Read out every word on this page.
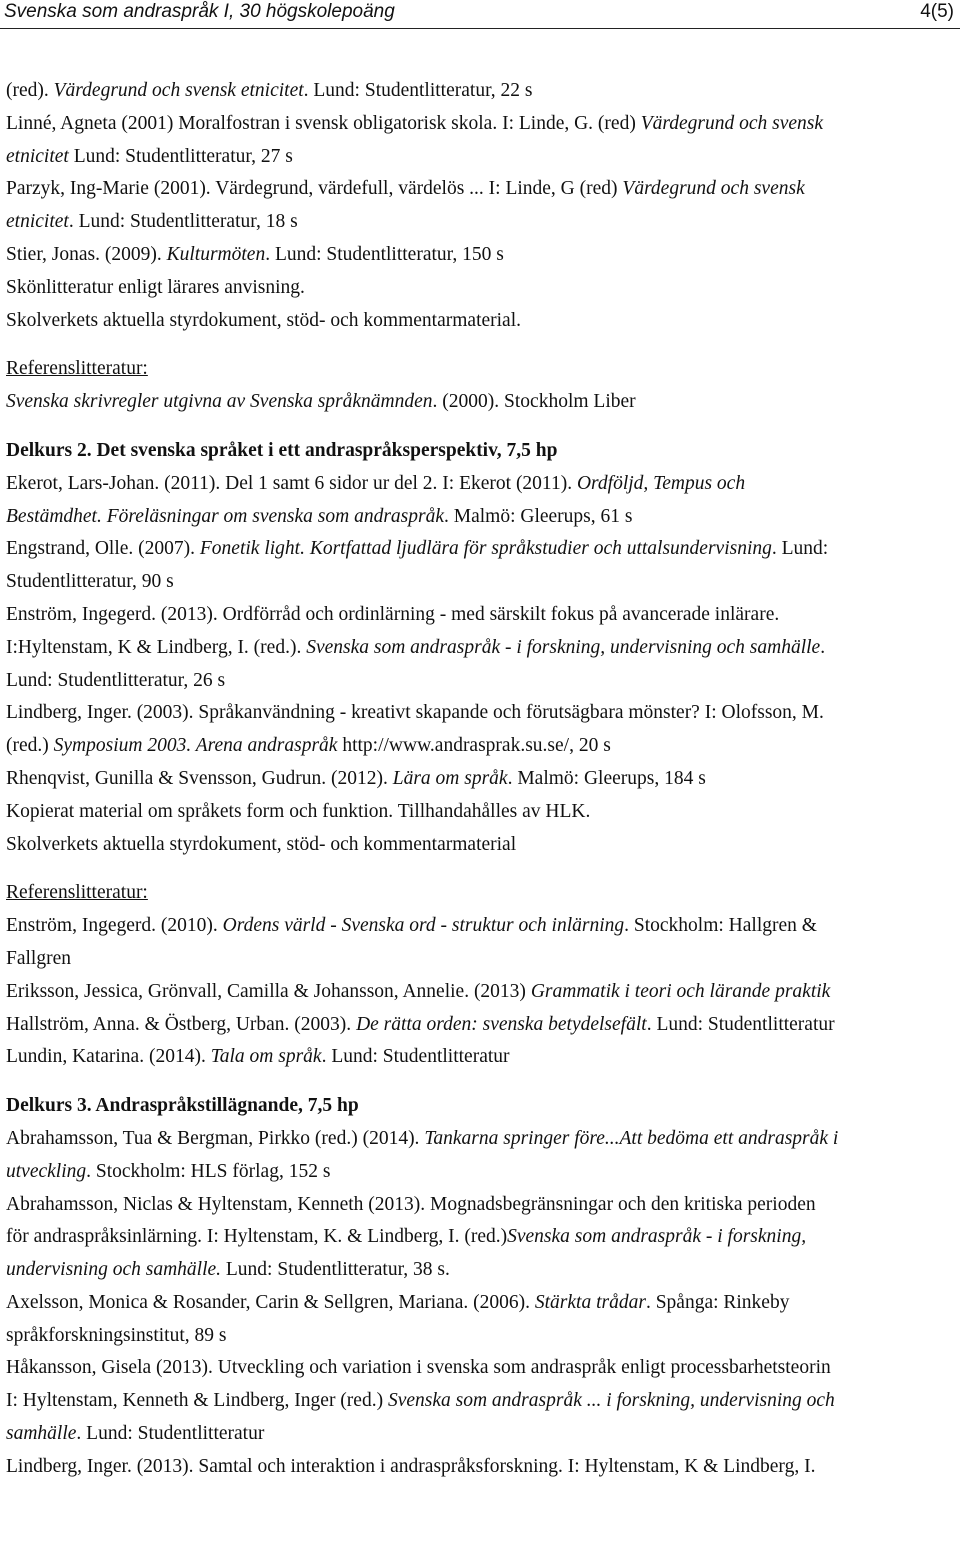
Svenska som andraspråk I, 30 högskolepoäng	4(5)
(red). Värdegrund och svensk etnicitet. Lund: Studentlitteratur, 22 s
Linné, Agneta (2001) Moralfostran i svensk obligatorisk skola. I: Linde, G. (red) Värdegrund och svensk
etnicitet Lund: Studentlitteratur, 27 s
Parzyk, Ing-Marie (2001). Värdegrund, värdefull, värdelös ... I: Linde, G (red) Värdegrund och svensk
etnicitet. Lund: Studentlitteratur, 18 s
Stier, Jonas. (2009). Kulturmöten. Lund: Studentlitteratur, 150 s
Skönlitteratur enligt lärares anvisning.
Skolverkets aktuella styrdokument, stöd- och kommentarmaterial.
Referenslitteratur:
Svenska skrivregler utgivna av Svenska språknämnden. (2000). Stockholm Liber
Delkurs 2. Det svenska språket i ett andraspråksperspektiv, 7,5 hp
Ekerot, Lars-Johan. (2011). Del 1 samt 6 sidor ur del 2. I: Ekerot (2011). Ordföljd, Tempus och
Bestämdhet. Föreläsningar om svenska som andraspråk. Malmö: Gleerups, 61 s
Engstrand, Olle. (2007). Fonetik light. Kortfattad ljudlära för språkstudier och uttalsundervisning. Lund:
Studentlitteratur, 90 s
Enström, Ingegerd. (2013). Ordförråd och ordinlärning - med särskilt fokus på avancerade inlärare.
I:Hyltenstam, K & Lindberg, I. (red.). Svenska som andraspråk - i forskning, undervisning och samhälle.
Lund: Studentlitteratur, 26 s
Lindberg, Inger. (2003). Språkanvändning - kreativt skapande och förutsägbara mönster? I: Olofsson, M.
(red.) Symposium 2003. Arena andraspråk http://www.andrasprak.su.se/, 20 s
Rhenqvist, Gunilla & Svensson, Gudrun. (2012). Lära om språk. Malmö: Gleerups, 184 s
Kopierat material om språkets form och funktion. Tillhandahålles av HLK.
Skolverkets aktuella styrdokument, stöd- och kommentarmaterial
Referenslitteratur:
Enström, Ingegerd. (2010). Ordens värld - Svenska ord - struktur och inlärning. Stockholm: Hallgren &
Fallgren
Eriksson, Jessica, Grönvall, Camilla & Johansson, Annelie. (2013) Grammatik i teori och lärande praktik
Hallström, Anna. & Östberg, Urban. (2003). De rätta orden: svenska betydelsefält. Lund: Studentlitteratur
Lundin, Katarina. (2014). Tala om språk. Lund: Studentlitteratur
Delkurs 3. Andraspråkstillägnande, 7,5 hp
Abrahamsson, Tua & Bergman, Pirkko (red.) (2014). Tankarna springer före...Att bedöma ett andraspråk i
utveckling. Stockholm: HLS förlag, 152 s
Abrahamsson, Niclas & Hyltenstam, Kenneth (2013). Mognadsbegränsningar och den kritiska perioden
för andraspråksinlärning. I: Hyltenstam, K. & Lindberg, I. (red.)Svenska som andraspråk - i forskning,
undervisning och samhälle. Lund: Studentlitteratur, 38 s.
Axelsson, Monica & Rosander, Carin & Sellgren, Mariana. (2006). Stärkta trådar. Spånga: Rinkeby
språkforskningsinstitut, 89 s
Håkansson, Gisela (2013). Utveckling och variation i svenska som andraspråk enligt processbarhetsteorin
I: Hyltenstam, Kenneth & Lindberg, Inger (red.) Svenska som andraspråk ... i forskning, undervisning och
samhälle. Lund: Studentlitteratur
Lindberg, Inger. (2013). Samtal och interaktion i andraspråksforskning. I: Hyltenstam, K & Lindberg, I.
